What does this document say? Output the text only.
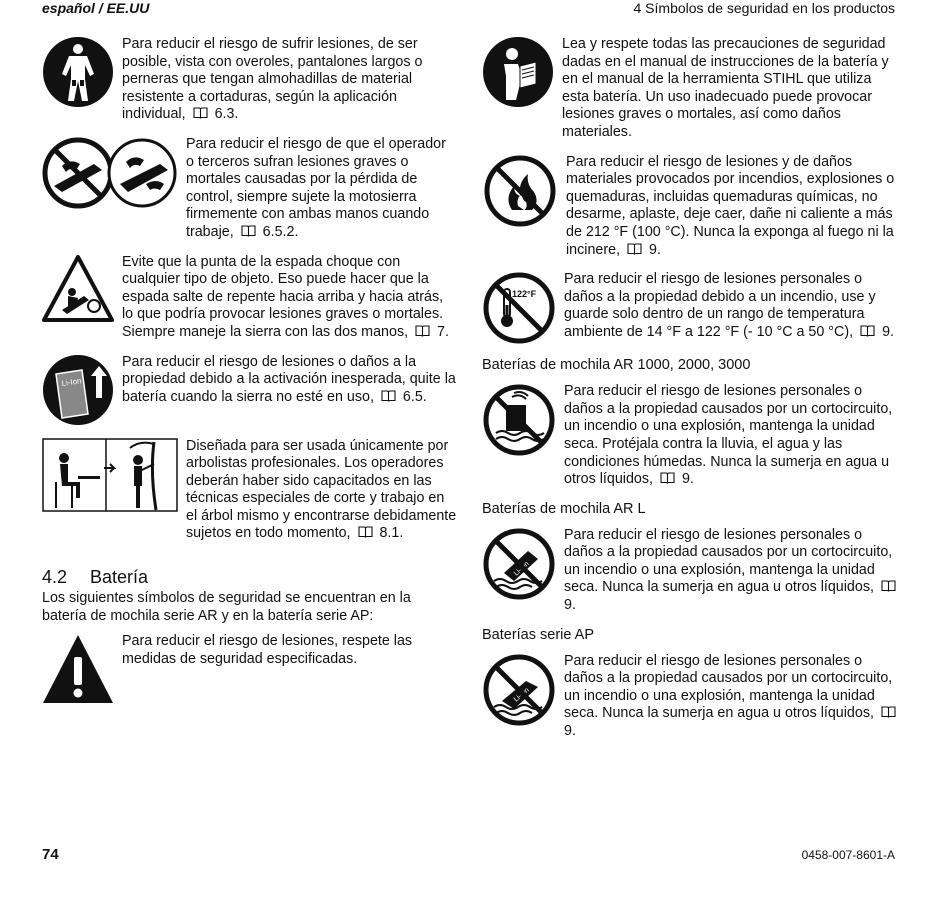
español / EE.UU	4 Símbolos de seguridad en los productos
Para reducir el riesgo de sufrir lesiones, de ser posible, vista con overoles, pantalones largos o perneras que tengan almohadillas de material resistente a cortaduras, según la aplicación individual, 6.3.
Para reducir el riesgo de que el operador o terceros sufran lesiones graves o mortales causadas por la pérdida de control, siempre sujete la motosierra firmemente con ambas manos cuando trabaje, 6.5.2.
Evite que la punta de la espada choque con cualquier tipo de objeto. Eso puede hacer que la espada salte de repente hacia arriba y hacia atrás, lo que podría provocar lesiones graves o mortales. Siempre maneje la sierra con las dos manos, 7.
Li-Ion
Para reducir el riesgo de lesiones o daños a la propiedad debido a la activación inesperada, quite la batería cuando la sierra no esté en uso, 6.5.
Diseñada para ser usada únicamente por arbolistas profesionales. Los operadores deberán haber sido capacitados en las técnicas especiales de corte y trabajo en el árbol mismo y encontrarse debidamente sujetos en todo momento, 8.1.
4.2 Batería
Los siguientes símbolos de seguridad se encuentran en la batería de mochila serie AR y en la batería serie AP:
Para reducir el riesgo de lesiones, respete las medidas de seguridad especificadas.
Lea y respete todas las precauciones de seguridad dadas en el manual de instrucciones de la batería y en el manual de la herramienta STIHL que utiliza esta batería. Un uso inadecuado puede provocar lesiones graves o mortales, así como daños materiales.
Para reducir el riesgo de lesiones y de daños materiales provocados por incendios, explosiones o quemaduras, incluidas quemaduras químicas, no desarme, aplaste, deje caer, dañe ni caliente a más de 212 °F (100 °C). Nunca la exponga al fuego ni la incinere, 9.
122°F
Para reducir el riesgo de lesiones personales o daños a la propiedad debido a un incendio, use y guarde solo dentro de un rango de temperatura ambiente de 14 °F a 122 °F (- 10 °C a 50 °C), 9.
Baterías de mochila AR 1000, 2000, 3000
Para reducir el riesgo de lesiones personales o daños a la propiedad causados por un cortocircuito, un incendio o una explosión, mantenga la unidad seca. Protéjala contra la lluvia, el agua y las condiciones húmedas. Nunca la sumerja en agua u otros líquidos, 9.
Baterías de mochila AR L
Para reducir el riesgo de lesiones personales o daños a la propiedad causados por un cortocircuito, un incendio o una explosión, mantenga la unidad seca. Nunca la sumerja en agua u otros líquidos,  9.
Baterías serie AP
Para reducir el riesgo de lesiones personales o daños a la propiedad causados por un cortocircuito, un incendio o una explosión, mantenga la unidad seca. Nunca la sumerja en agua u otros líquidos,  9.
74	0458-007-8601-A
